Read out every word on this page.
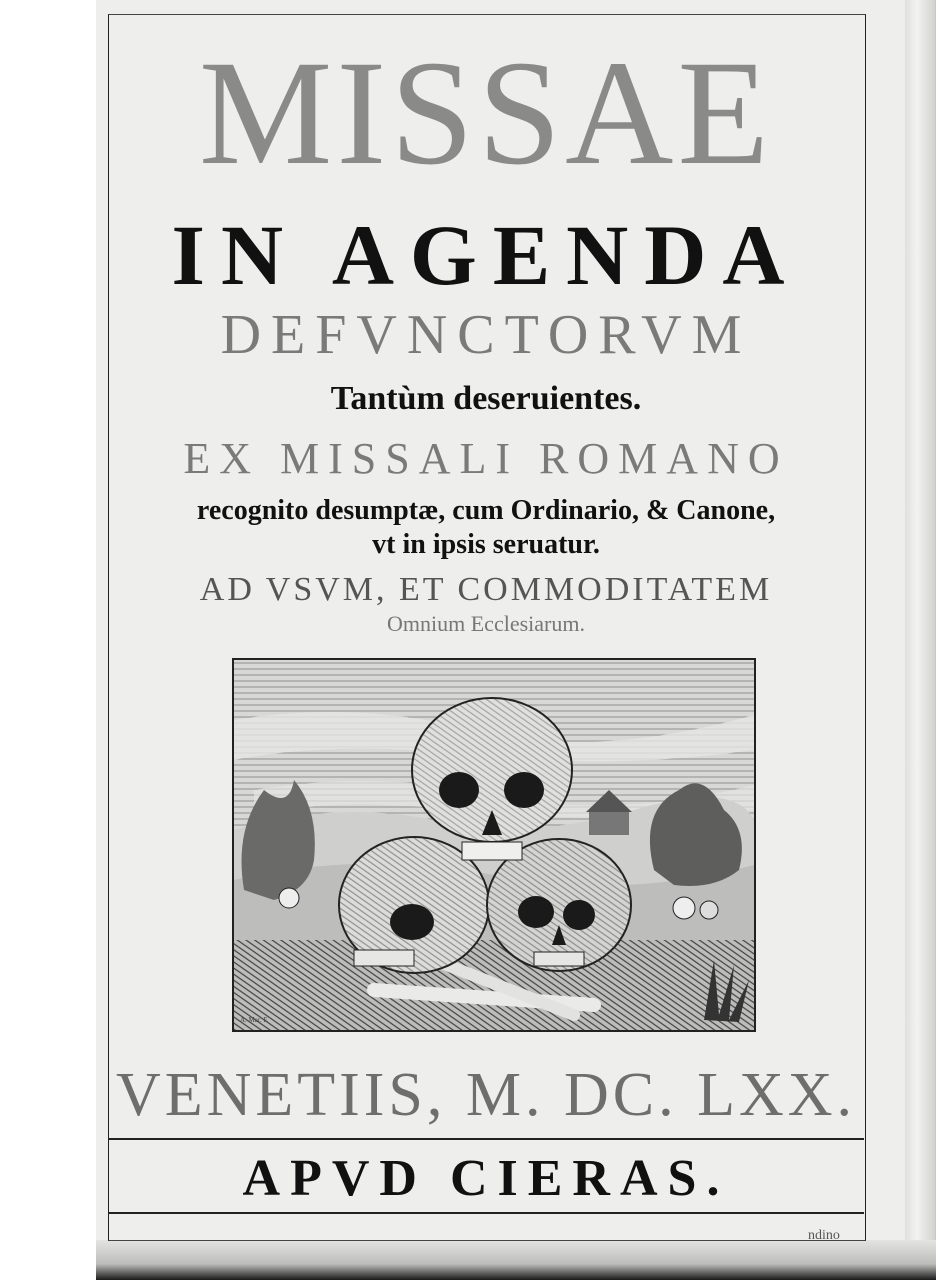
MISSAE
IN AGENDA
DEFVNCTORVM
Tantùm deseruientes.
EX MISSALI ROMANO
recognito desumptæ, cum Ordinario, & Canone,
vt in ipsis seruatur.
AD VSVM, ET COMMODITATEM
Omnium Ecclesiarum.
A. Mar. F.
VENETIIS, M. DC. LXX.
APVD CIERAS.
ndino
